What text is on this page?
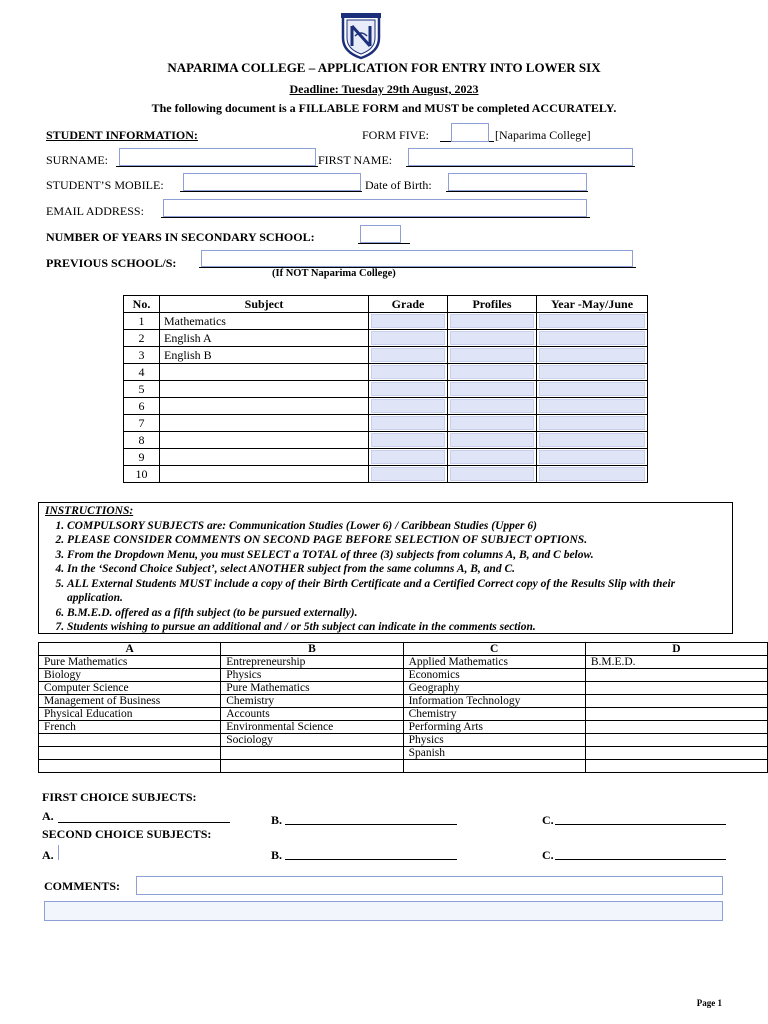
NAPARIMA COLLEGE – APPLICATION FOR ENTRY INTO LOWER SIX
Deadline: Tuesday 29th August, 2023
The following document is a FILLABLE FORM and MUST be completed ACCURATELY.
STUDENT INFORMATION:	FORM FIVE:	[Naparima College]
SURNAME:	FIRST NAME:
STUDENT’S MOBILE:	Date of Birth:
EMAIL ADDRESS:
NUMBER OF YEARS IN SECONDARY SCHOOL:
PREVIOUS SCHOOL/S:
(If NOT Naparima College)
No.	Subject	Grade	Profiles	Year -May/June
1	Mathematics	

2	English A	

3	English B	

4		

5		

6		

7		

8		

9		

10		

INSTRUCTIONS:
1. COMPULSORY SUBJECTS are: Communication Studies (Lower 6) / Caribbean Studies (Upper 6)
2. PLEASE CONSIDER COMMENTS ON SECOND PAGE BEFORE SELECTION OF SUBJECT OPTIONS.
3. From the Dropdown Menu, you must SELECT a TOTAL of three (3) subjects from columns A, B, and C below.
4. In the ‘Second Choice Subject’, select ANOTHER subject from the same columns A, B, and C.
5. ALL External Students MUST include a copy of their Birth Certificate and a Certified Correct copy of the Results Slip with their application.
6. B.M.E.D. offered as a fifth subject (to be pursued externally).
7. Students wishing to pursue an additional and / or 5th subject can indicate in the comments section.
A	B	C	D
Pure Mathematics	Entrepreneurship	Applied Mathematics	B.M.E.D.
Biology	Physics	Economics	
Computer Science	Pure Mathematics	Geography	
Management of Business	Chemistry	Information Technology	
Physical Education	Accounts	Chemistry	
French	Environmental Science	Performing Arts	
	Sociology	Physics	
		Spanish	

FIRST CHOICE SUBJECTS:
A.	B.	C.
SECOND CHOICE SUBJECTS:
A.	B.	C.
COMMENTS:
Page 1
